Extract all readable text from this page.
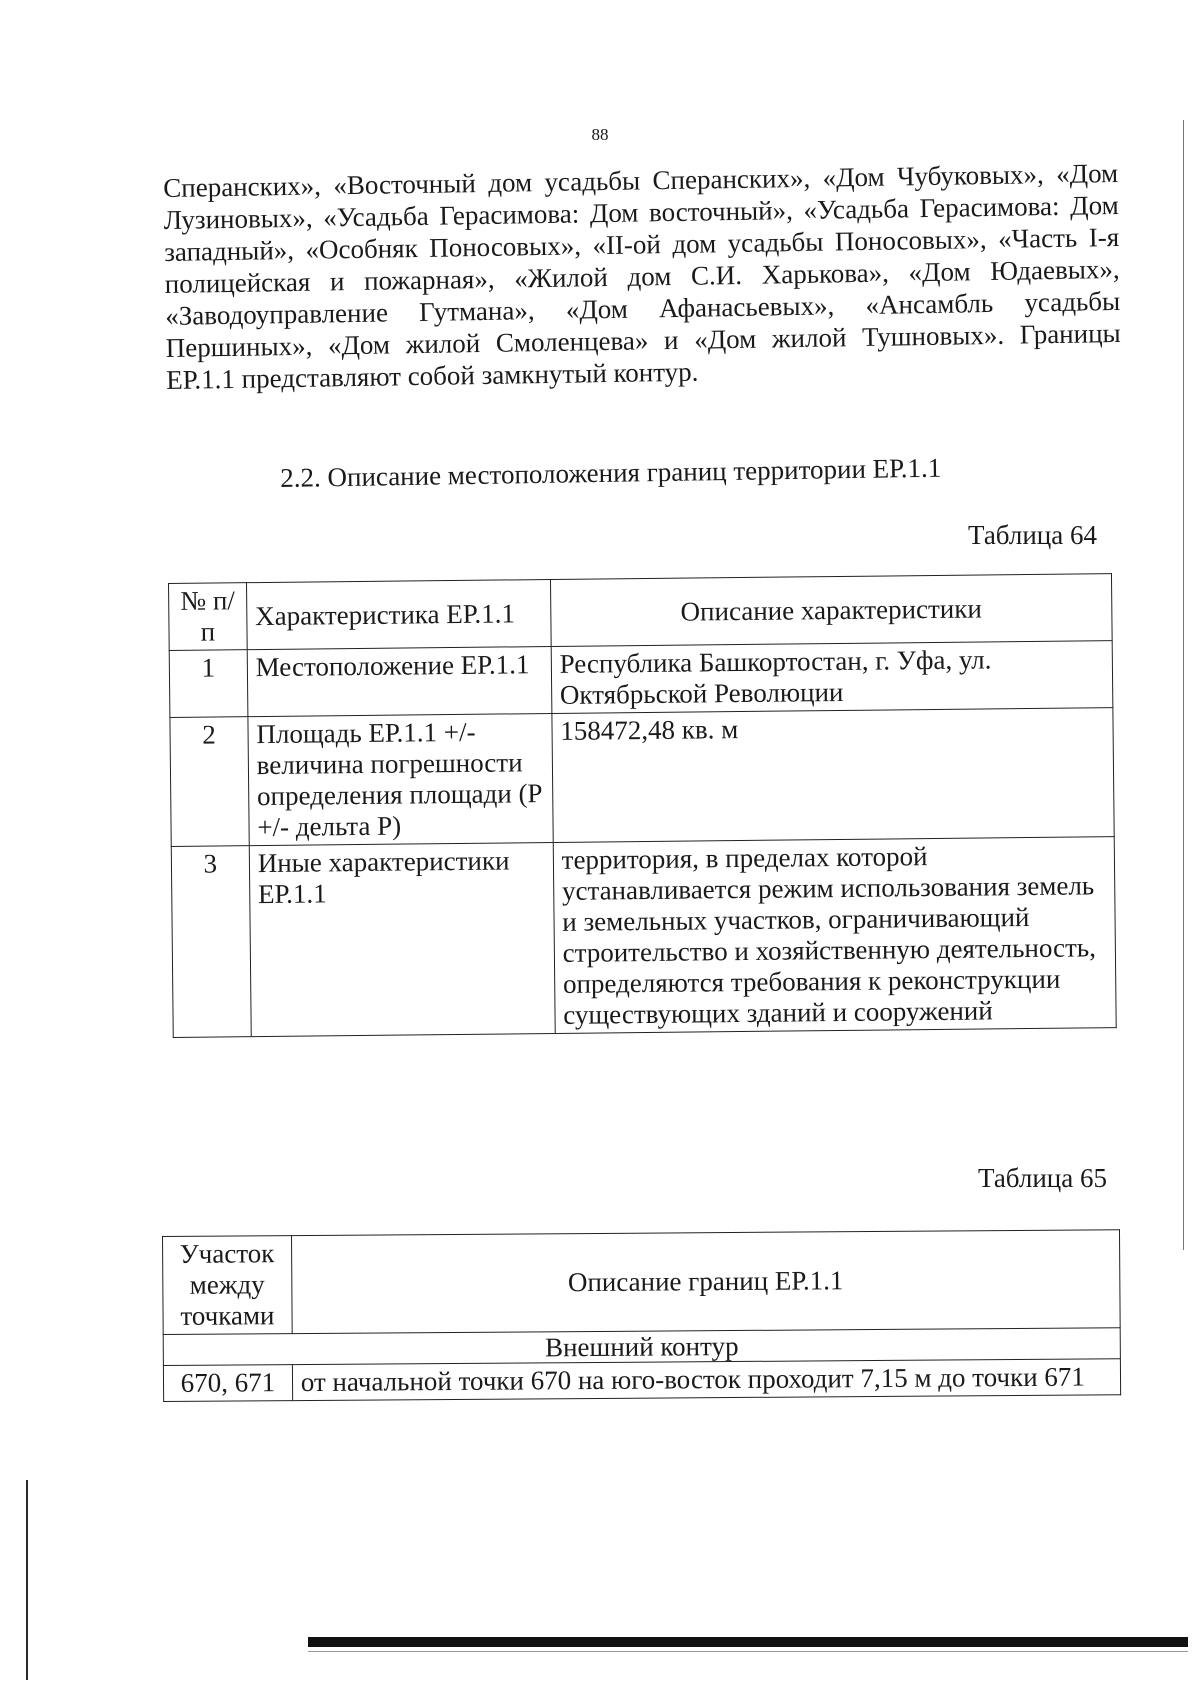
88
Сперанских», «Восточный дом усадьбы Сперанских», «Дом Чубуковых», «Дом Лузиновых», «Усадьба Герасимова: Дом восточный», «Усадьба Герасимова: Дом западный», «Особняк Поносовых», «II-ой дом усадьбы Поносовых», «Часть I-я полицейская и пожарная», «Жилой дом С.И. Харькова», «Дом Юдаевых», «Заводоуправление Гутмана», «Дом Афанасьевых», «Ансамбль усадьбы Першиных», «Дом жилой Смоленцева» и «Дом жилой Тушновых». Границы ЕР.1.1 представляют собой замкнутый контур.
2.2. Описание местоположения границ территории ЕР.1.1
Таблица 64
№ п/п	Характеристика ЕР.1.1	Описание характеристики
1	Местоположение ЕР.1.1	Республика Башкортостан, г. Уфа, ул. Октябрьской Революции
2	Площадь ЕР.1.1 +/- величина погрешности определения площади (Р +/- дельта Р)	158472,48 кв. м
3	Иные характеристики ЕР.1.1	территория, в пределах которой устанавливается режим использования земель и земельных участков, ограничивающий строительство и хозяйственную деятельность, определяются требования к реконструкции существующих зданий и сооружений
Таблица 65
Участок между точками	Описание границ ЕР.1.1
Внешний контур	
670, 671	от начальной точки 670 на юго-восток проходит 7,15 м до точки 671
